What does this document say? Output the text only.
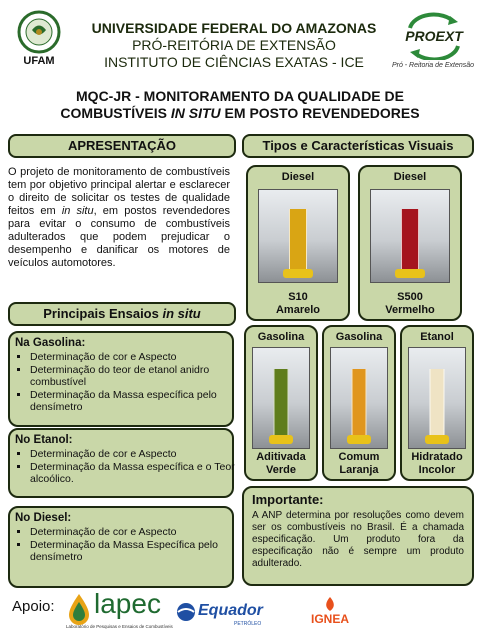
UFAM
UNIVERSIDADE FEDERAL DO AMAZONAS
PRÓ-REITÓRIA DE EXTENSÃO
INSTITUTO DE CIÊNCIAS EXATAS - ICE
PROEXT
Pró - Reitoria de Extensão
MQC-JR - MONITORAMENTO DA QUALIDADE DE
COMBUSTÍVEIS IN SITU EM POSTO REVENDEDORES
APRESENTAÇÃO
O projeto de monitoramento de combustíveis tem por objetivo principal alertar e esclarecer o direito de solicitar os testes de qualidade feitos em in situ, em postos revendedores para evitar o consumo de combustíveis adulterados que podem prejudicar o desempenho e danificar os motores de veículos automotores.
Principais Ensaios in situ
Na Gasolina:
▪ Determinação de cor e Aspecto
▪ Determinação do teor de etanol anidro combustível
▪ Determinação da Massa específica pelo densímetro
No Etanol:
▪ Determinação de cor e Aspecto
▪ Determinação da Massa específica e o Teor alcoólico.
No Diesel:
▪ Determinação de cor e Aspecto
▪ Determinação da Massa Específica pelo densímetro
Tipos e Características Visuais
Diesel
S10
Amarelo
Diesel
S500
Vermelho
Gasolina
Aditivada
Verde
Gasolina
Comum
Laranja
Etanol
Hidratado
Incolor
Importante:
A ANP determina por resoluções como devem ser os combustíveis no Brasil. É a chamada especificação. Um produto fora da especificação não é sempre um produto adulterado.
Apoio: lapec
Laboratório de Pesquisas e Ensaios de Combustíveis
Equador
PETRÓLEO	IGNEA
